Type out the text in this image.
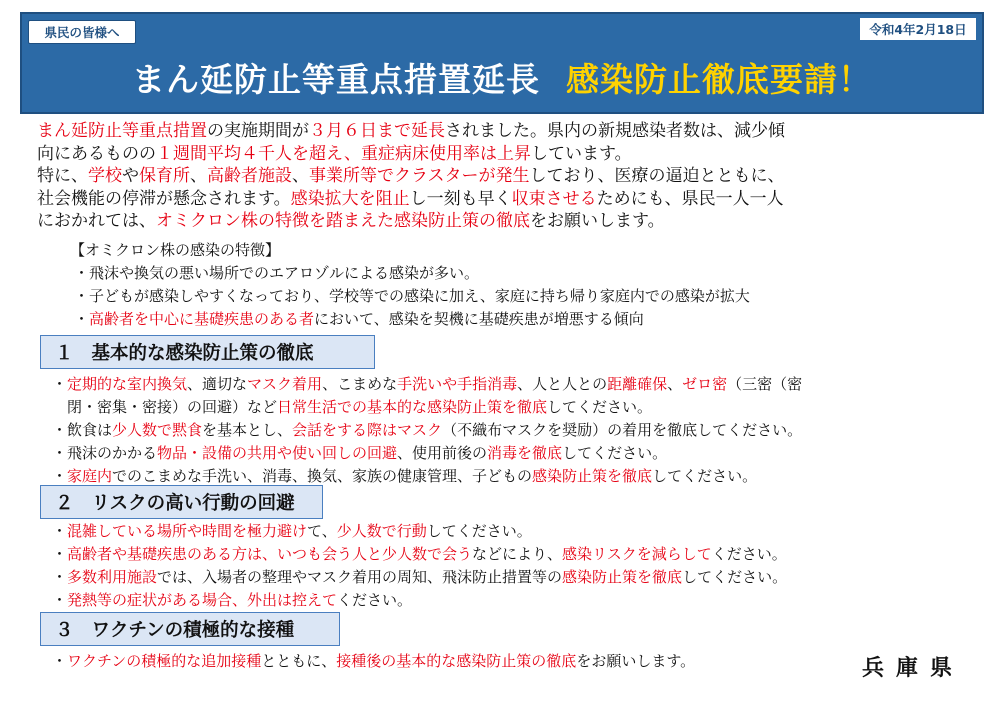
県民の皆様へ	令和4年2月18日
まん延防止等重点措置延長 感染防止徹底要請！
まん延防止等重点措置の実施期間が３月６日まで延長されました。県内の新規感染者数は、減少傾
向にあるものの１週間平均４千人を超え、重症病床使用率は上昇しています。
特に、学校や保育所、高齢者施設、事業所等でクラスターが発生しており、医療の逼迫とともに、
社会機能の停滞が懸念されます。感染拡大を阻止し一刻も早く収束させるためにも、県民一人一人
におかれては、オミクロン株の特徴を踏まえた感染防止策の徹底をお願いします。
【オミクロン株の感染の特徴】
・飛沫や換気の悪い場所でのエアロゾルによる感染が多い。
・子どもが感染しやすくなっており、学校等での感染に加え、家庭に持ち帰り家庭内での感染が拡大
・高齢者を中心に基礎疾患のある者において、感染を契機に基礎疾患が増悪する傾向
１ 基本的な感染防止策の徹底
・定期的な室内換気、適切なマスク着用、こまめな手洗いや手指消毒、人と人との距離確保、ゼロ密（三密（密
　閉・密集・密接）の回避）など日常生活での基本的な感染防止策を徹底してください。
・飲食は少人数で黙食を基本とし、会話をする際はマスク（不織布マスクを奨励）の着用を徹底してください。
・飛沫のかかる物品・設備の共用や使い回しの回避、使用前後の消毒を徹底してください。
・家庭内でのこまめな手洗い、消毒、換気、家族の健康管理、子どもの感染防止策を徹底してください。
２ リスクの高い行動の回避
・混雑している場所や時間を極力避けて、少人数で行動してください。
・高齢者や基礎疾患のある方は、いつも会う人と少人数で会うなどにより、感染リスクを減らしてください。
・多数利用施設では、入場者の整理やマスク着用の周知、飛沫防止措置等の感染防止策を徹底してください。
・発熱等の症状がある場合、外出は控えてください。
３ ワクチンの積極的な接種
・ワクチンの積極的な追加接種とともに、接種後の基本的な感染防止策の徹底をお願いします。	兵庫県
